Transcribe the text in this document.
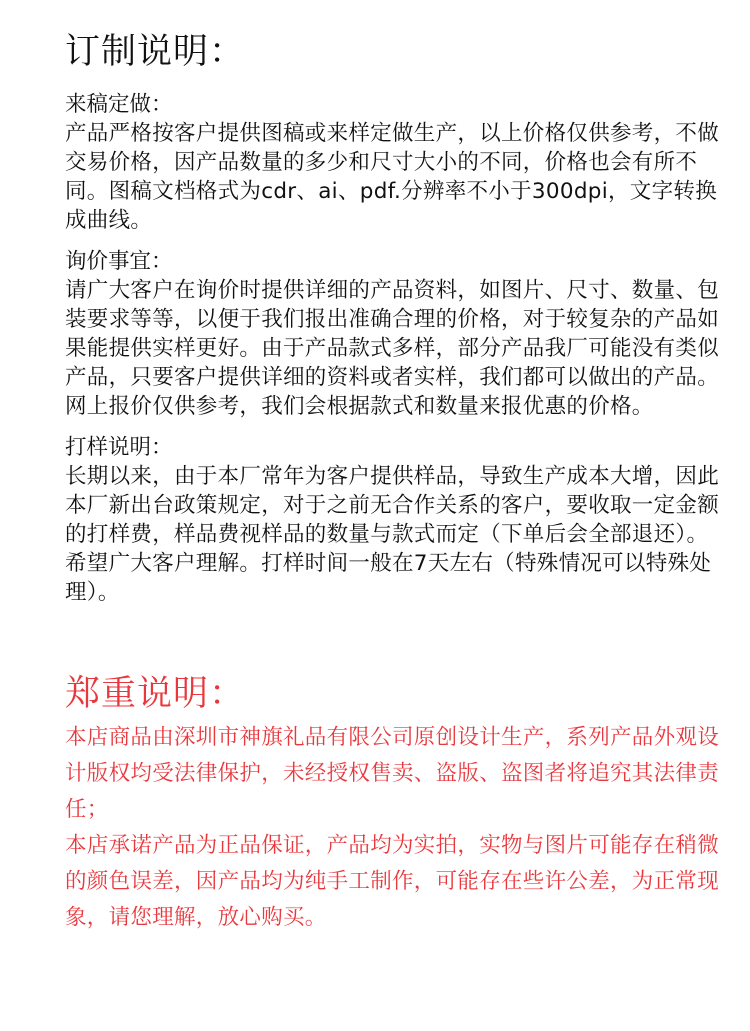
订制说明：
来稿定做：

产品严格按客户提供图稿或来样定做生产，以上价格仅供参考，不做交易价格，因产品数量的多少和尺寸大小的不同，价格也会有所不同。图稿文档格式为cdr、ai、pdf.分辨率不小于300dpi，文字转换成曲线。

询价事宜：

请广大客户在询价时提供详细的产品资料，如图片、尺寸、数量、包装要求等等，以便于我们报出准确合理的价格，对于较复杂的产品如果能提供实样更好。由于产品款式多样，部分产品我厂可能没有类似产品，只要客户提供详细的资料或者实样，我们都可以做出的产品。网上报价仅供参考，我们会根据款式和数量来报优惠的价格。

打样说明：

长期以来，由于本厂常年为客户提供样品，导致生产成本大增，因此本厂新出台政策规定，对于之前无合作关系的客户，要收取一定金额的打样费，样品费视样品的数量与款式而定（下单后会全部退还）。希望广大客户理解。打样时间一般在7天左右（特殊情况可以特殊处理）。

郑重说明：

本店商品由深圳市神旗礼品有限公司原创设计生产，系列产品外观设计版权均受法律保护，未经授权售卖、盗版、盗图者将追究其法律责任；

本店承诺产品为正品保证，产品均为实拍，实物与图片可能存在稍微的颜色误差，因产品均为纯手工制作，可能存在些许公差，为正常现象，请您理解，放心购买。
